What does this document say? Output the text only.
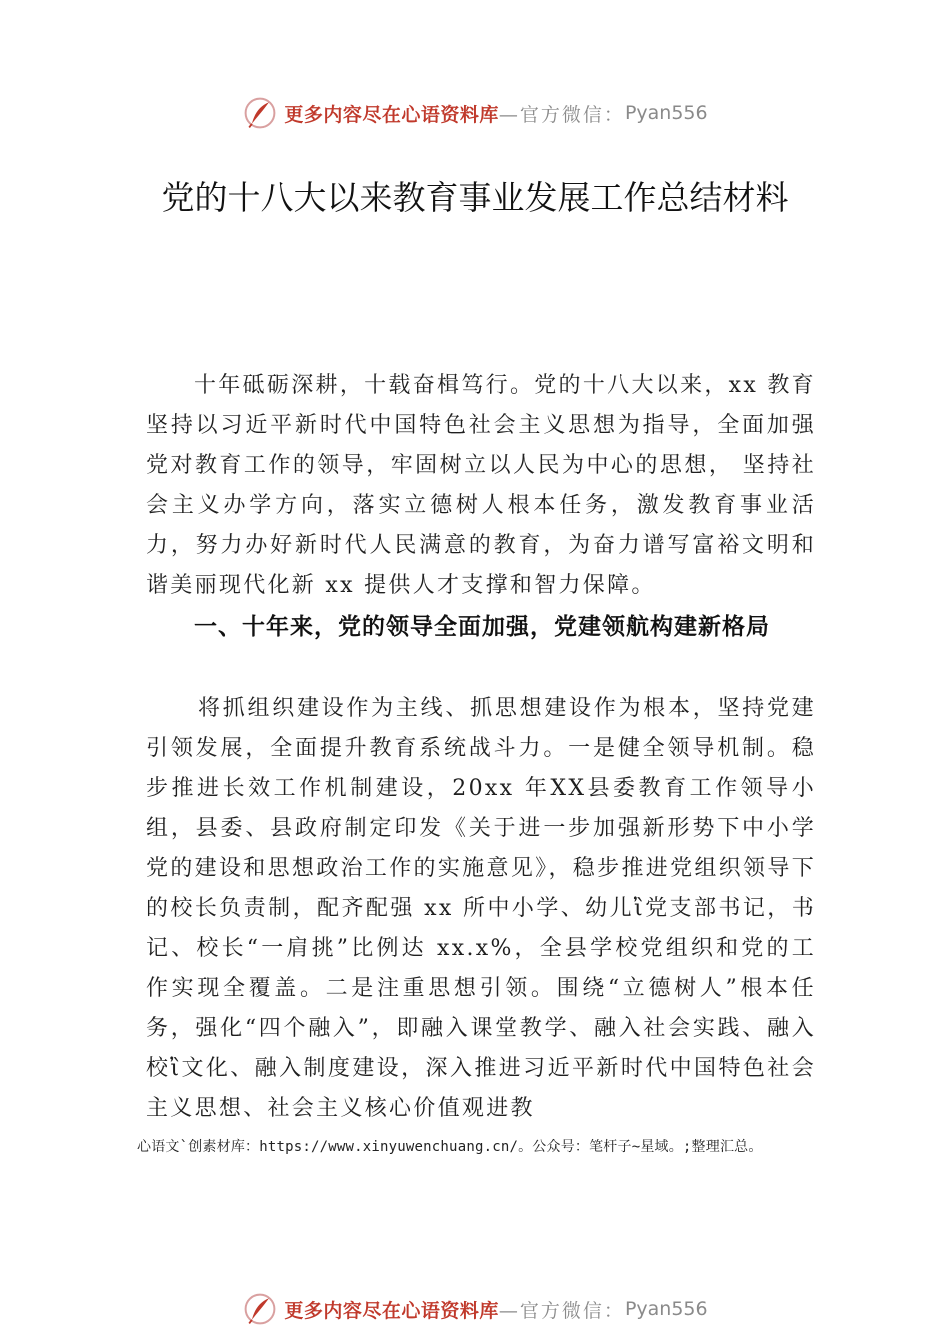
更多内容尽在心语资料库 —官方微信： Pyan556
党的十八大以来教育事业发展工作总结材料
十年砥砺深耕，十载奋楫笃行。党的十八大以来，xx 教育坚持以习近平新时代中国特色社会主义思想为指导，全面加强党对教育工作的领导，牢固树立以人民为中心的思想， 坚持社会主义办学方向，落实立德树人根本任务，激发教育事业活力，努力办好新时代人民满意的教育，为奋力谱写富裕文明和谐美丽现代化新 xx 提供人才支撑和智力保障。
一、十年来，党的领导全面加强，党建领航构建新格局
将抓组织建设作为主线、抓思想建设作为根本，坚持党建引领发展，全面提升教育系统战斗力。一是健全领导机制。稳步推进长效工作机制建设，20xx 年XX县委教育工作领导小组，县委、县政府制定印发《关于进一步加强新形势下中小学党的建设和思想政治工作的实施意见》，稳步推进党组织领导下的校长负责制，配齐配强 xx 所中小学、幼儿ἲ党支部书记，书记、校长“一肩挑”比例达 xx.x%，全县学校党组织和党的工作实现全覆盖。二是注重思想引领。围绕“立德树人”根本任务，强化“四个融入”，即融入课堂教学、融入社会实践、融入校ἲ文化、融入制度建设，深入推进习近平新时代中国特色社会主义思想、社会主义核心价值观进教
心语文`创素材库：https://www.xinyuwenchuang.cn/。公众号：笔杆子~星域。;整理汇总。
更多内容尽在心语资料库 —官方微信： Pyan556
